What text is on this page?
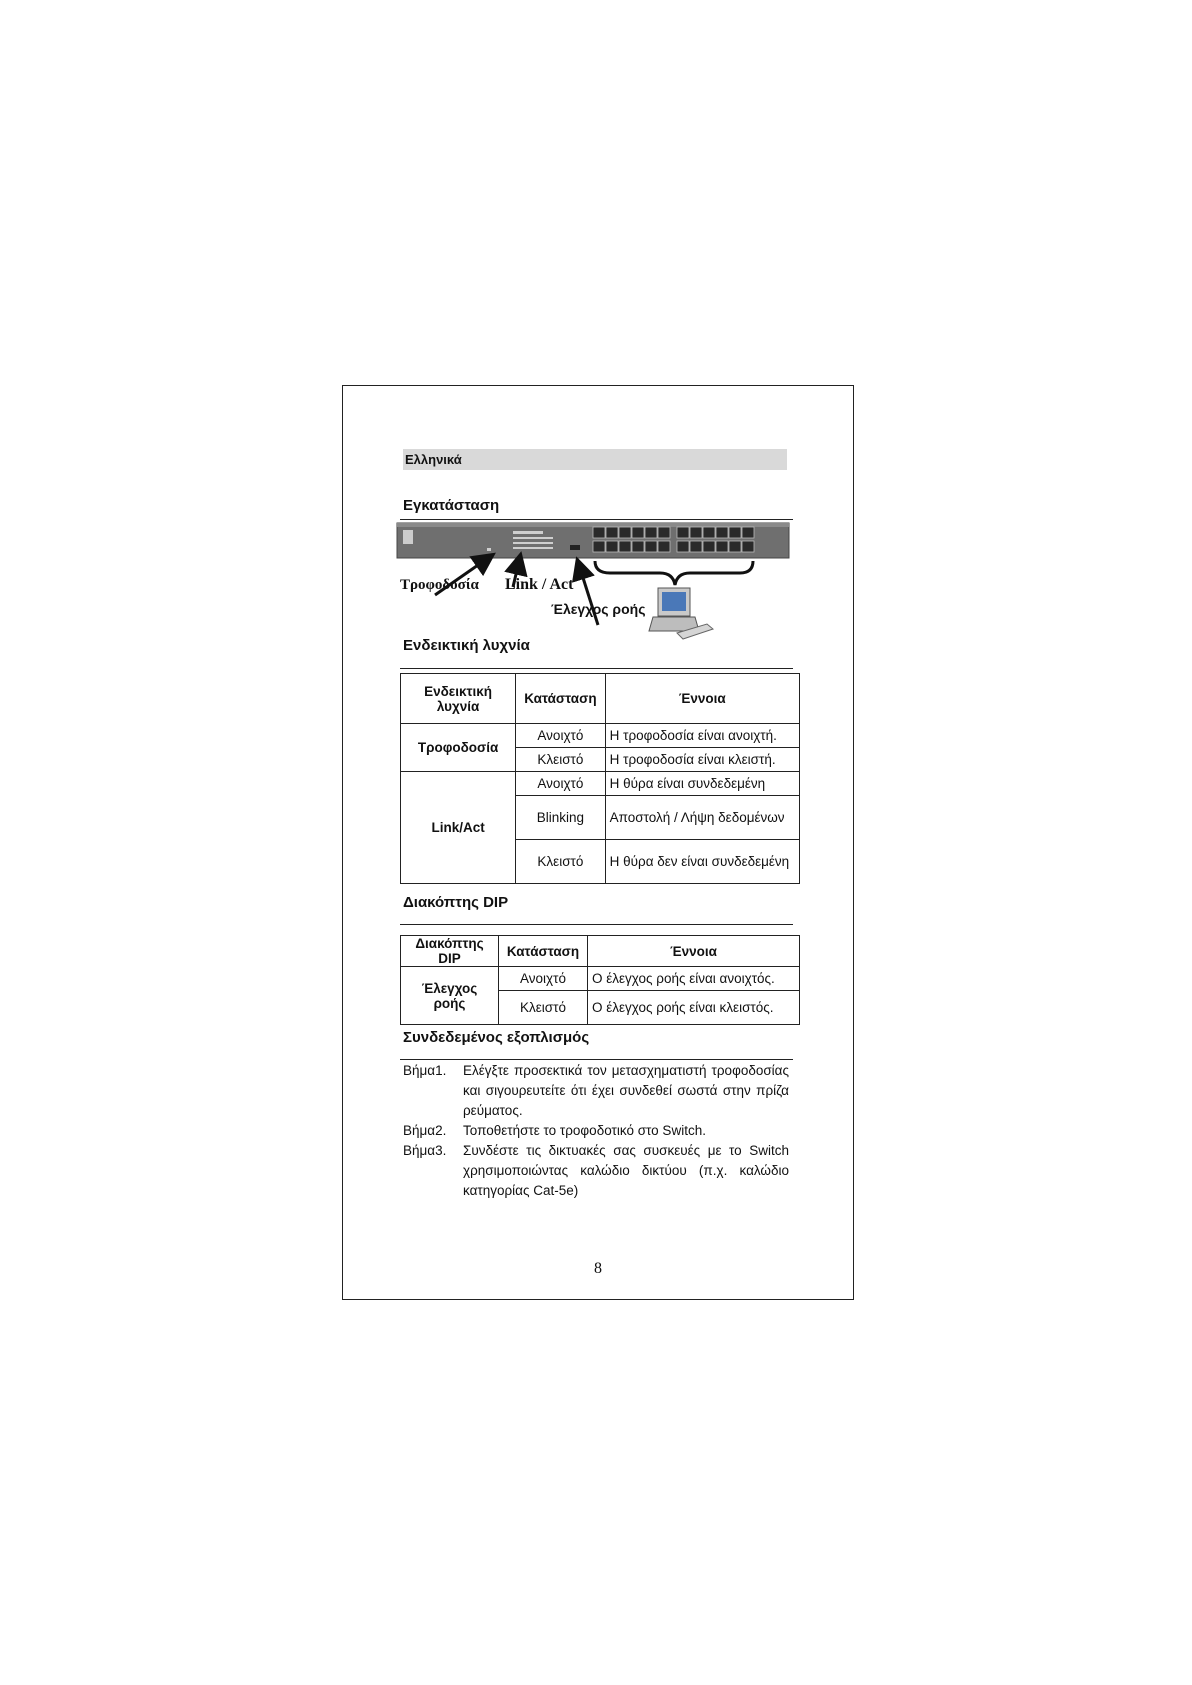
Ελληνικά
Εγκατάσταση
Τροφοδοσία Link / Act
Έλεγχος ροής
Ενδεικτική λυχνία
Ενδεικτική λυχνία	Κατάσταση	Έννοια
Τροφοδοσία	Ανοιχτό	Η τροφοδοσία είναι ανοιχτή.
	Κλειστό	Η τροφοδοσία είναι κλειστή.
Link/Act	Ανοιχτό	Η θύρα είναι συνδεδεμένη
	Blinking	Αποστολή / Λήψη δεδομένων
	Κλειστό	Η θύρα δεν είναι συνδεδεμένη
Διακόπτης DIP
Διακόπτης DIP	Κατάσταση	Έννοια
Έλεγχος ροής	Ανοιχτό	Ο έλεγχος ροής είναι ανοιχτός.
	Κλειστό	Ο έλεγχος ροής είναι κλειστός.
Συνδεδεμένος εξοπλισμός
Βήμα1.	Ελέγξτε προσεκτικά τον μετασχηματιστή τροφοδοσίας και σιγουρευτείτε ότι έχει συνδεθεί σωστά στην πρίζα ρεύματος.
Βήμα2.	Τοποθετήστε το τροφοδοτικό στο Switch.
Βήμα3.	Συνδέστε τις δικτυακές σας συσκευές με το Switch χρησιμοποιώντας καλώδιο δικτύου (π.χ. καλώδιο κατηγορίας Cat-5e)
8
